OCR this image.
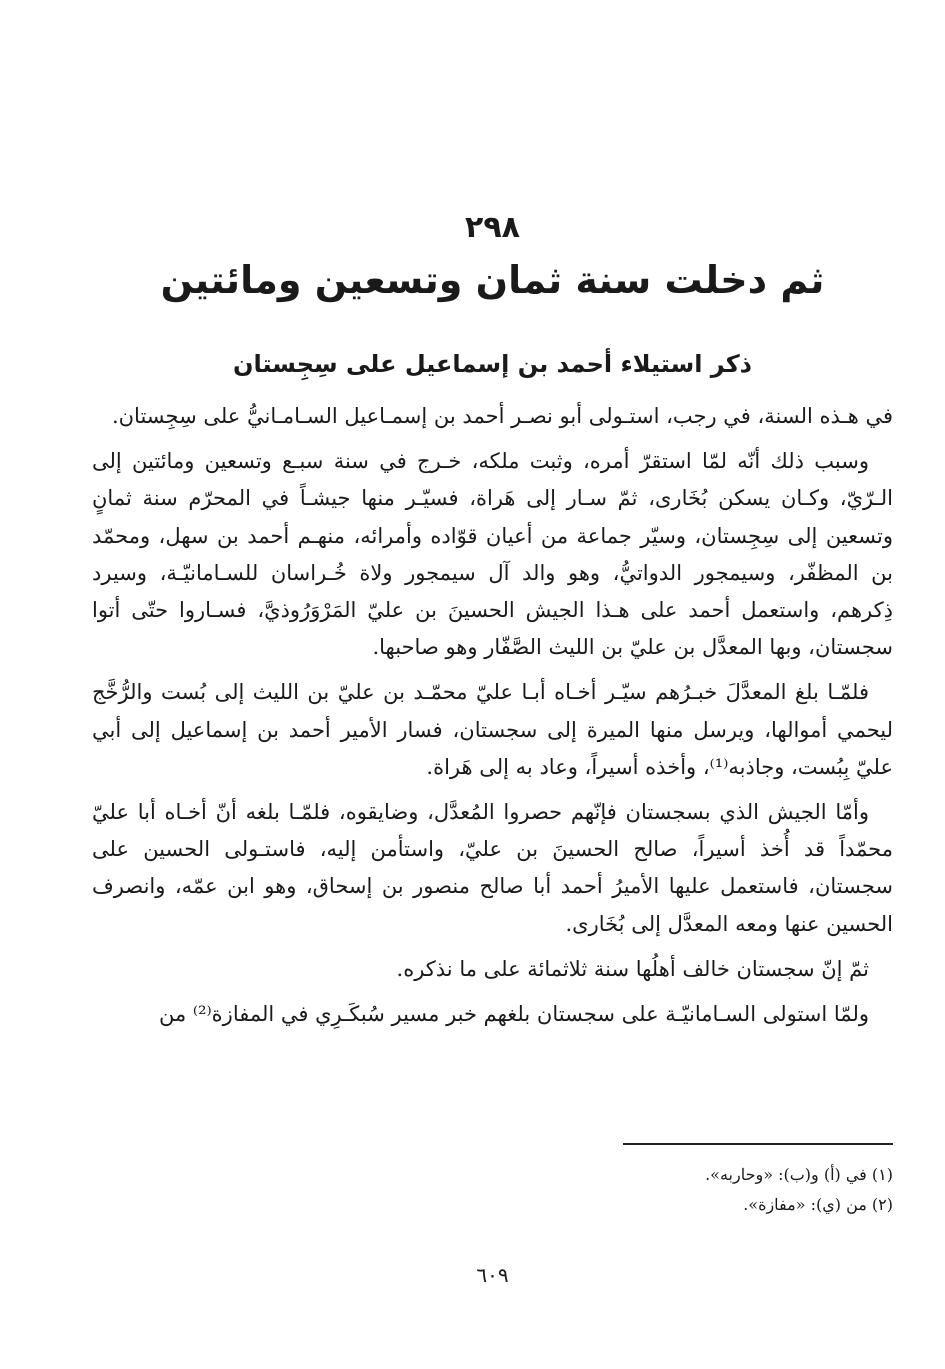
٢٩٨
ثم دخلت سنة ثمان وتسعين ومائتين
ذكر استيلاء أحمد بن إسماعيل على سِجِستان

في هـذه السنة، في رجب، استـولى أبو نصـر أحمد بن إسمـاعيل السـامـانيُّ على سِجِستان.

وسبب ذلك أنّه لمّا استقرّ أمره، وثبت ملكه، خـرج في سنة سبـع وتسعين ومائتين إلى الـرّيّ، وكـان يسكن بُخَارى، ثمّ سـار إلى هَراة، فسيّـر منها جيشـاً في المحرّم سنة ثمانٍ وتسعين إلى سِجِستان، وسيّر جماعة من أعيان قوّاده وأمرائه، منهـم أحمد بن سهل، ومحمّد بن المظفّر، وسيمجور الدواتيُّ، وهو والد آل سيمجور ولاة خُـراسان للسـامانيّـة، وسيرد ذِكرهم، واستعمل أحمد على هـذا الجيش الحسينَ بن عليّ المَرْوَرُوذيَّ، فسـاروا حتّى أتوا سجستان، وبها المعدَّل بن عليّ بن الليث الصَّفّار وهو صاحبها.

فلمّـا بلغ المعدَّلَ خبـرُهم سيّـر أخـاه أبـا عليّ محمّـد بن عليّ بن الليث إلى بُست والرُّخَّج ليحمي أموالها، ويرسل منها الميرة إلى سجستان، فسار الأمير أحمد بن إسماعيل إلى أبي عليّ بِبُست، وجاذبه⁽¹⁾، وأخذه أسيراً، وعاد به إلى هَراة.

وأمّا الجيش الذي بسجستان فإنّهم حصروا المُعدَّل، وضايقوه، فلمّـا بلغه أنّ أخـاه أبا عليّ محمّداً قد أُخذ أسيراً، صالح الحسينَ بن عليّ، واستأمن إليه، فاستـولى الحسين على سجستان، فاستعمل عليها الأميرُ أحمد أبا صالح منصور بن إسحاق، وهو ابن عمّه، وانصرف الحسين عنها ومعه المعدَّل إلى بُخَارى.

ثمّ إنّ سجستان خالف أهلُها سنة ثلاثمائة على ما نذكره.

ولمّا استولى السـامانيّـة على سجستان بلغهم خبر مسير سُبكَـرِي في المفازة⁽²⁾ من

(١) في (أ) و(ب): «وحاربه».
(٢) من (ي): «مفازة».
٦٠٩
